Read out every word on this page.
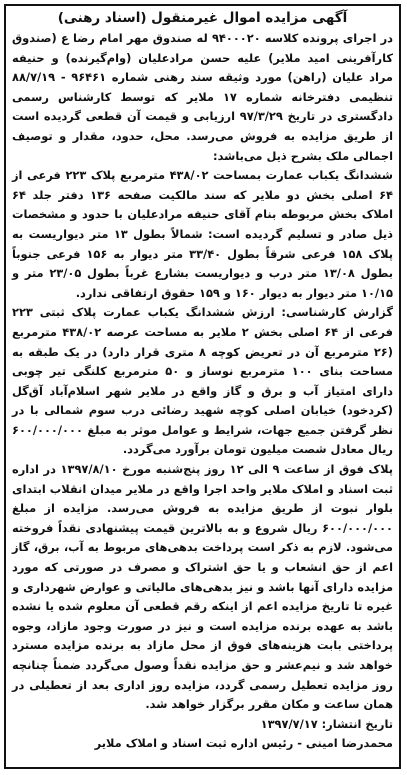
آگهی مزایده اموال غیرمنقول (اسناد رهنی)

در اجرای پرونده کلاسه ۹۴۰۰۰۲۰ له صندوق مهر امام رضا ع (صندوق کارآفرینی امید ملایر) علیه حسن مرادعلیان (وام‌گیرنده) و حنیفه مراد علیان (راهن) مورد وثیقه سند رهنی شماره ۹۶۴۶۱ - ۸۸/۷/۱۹ تنظیمی دفترخانه شماره ۱۷ ملایر که توسط کارشناس رسمی دادگستری در تاریخ ۹۷/۳/۲۹ ارزیابی و قیمت آن قطعی گردیده است از طریق مزایده به فروش می‌رسد. محل، حدود، مقدار و توصیف اجمالی ملک بشرح ذیل می‌باشد:

ششدانگ یکباب عمارت بمساحت ۴۳۸/۰۲ مترمربع پلاک ۲۲۳ فرعی از ۶۴ اصلی بخش دو ملایر که سند مالکیت صفحه ۱۳۶ دفتر جلد ۶۴ املاک بخش مربوطه بنام آقای حنیفه مرادعلیان با حدود و مشخصات ذیل صادر و تسلیم گردیده است: شمالاً بطول ۱۳ متر دیواریست به پلاک ۱۵۸ فرعی شرقاً بطول ۳۳/۴۰ متر دیوار به ۱۵۶ فرعی جنوباً بطول ۱۳/۰۸ متر درب و دیواریست بشارع غرباً بطول ۲۳/۰۵ متر و ۱۰/۱۵ متر دیوار به دیوار ۱۶۰ و ۱۵۹ حقوق ارتفاقی ندارد.

گزارش کارشناسی: ارزش ششدانگ یکباب عمارت پلاک ثبتی ۲۲۳ فرعی از ۶۴ اصلی بخش ۲ ملایر به مساحت عرصه ۴۳۸/۰۲ مترمربع (۲۶ مترمربع آن در تعریض کوچه ۸ متری قرار دارد) در یک طبقه به مساحت بنای ۱۰۰ مترمربع نوساز و ۵۰ مترمربع کلنگی تیر چوبی دارای امتیاز آب و برق و گاز واقع در ملایر شهر اسلام‌آباد آق‌گل (کردخود) خیابان اصلی کوچه شهید رضائی درب سوم شمالی با در نظر گرفتن جمیع جهات، شرایط و عوامل موثر به مبلغ ۶۰۰/۰۰۰/۰۰۰ ریال معادل شصت میلیون تومان برآورد می‌گردد.

پلاک فوق از ساعت ۹ الی ۱۲ روز پنج‌شنبه مورخ ۱۳۹۷/۸/۱۰ در اداره ثبت اسناد و املاک ملایر واحد اجرا واقع در ملایر میدان انقلاب ابتدای بلوار نبوت از طریق مزایده به فروش می‌رسد. مزایده از مبلغ ۶۰۰/۰۰۰/۰۰۰ ریال شروع و به بالاترین قیمت پیشنهادی نقداً فروخته می‌شود. لازم به ذکر است پرداخت بدهی‌های مربوط به آب، برق، گاز اعم از حق انشعاب و یا حق اشتراک و مصرف در صورتی که مورد مزایده دارای آنها باشد و نیز بدهی‌های مالیاتی و عوارض شهرداری و غیره تا تاریخ مزایده اعم از اینکه رقم قطعی آن معلوم شده یا نشده باشد به عهده برنده مزایده است و نیز در صورت وجود مازاد، وجوه پرداختی بابت هزینه‌های فوق از محل مازاد به برنده مزایده مسترد خواهد شد و نیم‌عشر و حق مزایده نقداً وصول می‌گردد ضمناً چنانچه روز مزایده تعطیل رسمی گردد، مزایده روز اداری بعد از تعطیلی در همان ساعت و مکان مقرر برگزار خواهد شد.

تاریخ انتشار: ۱۳۹۷/۷/۱۷
محمدرضا امینی - رئیس اداره ثبت اسناد و املاک ملایر
